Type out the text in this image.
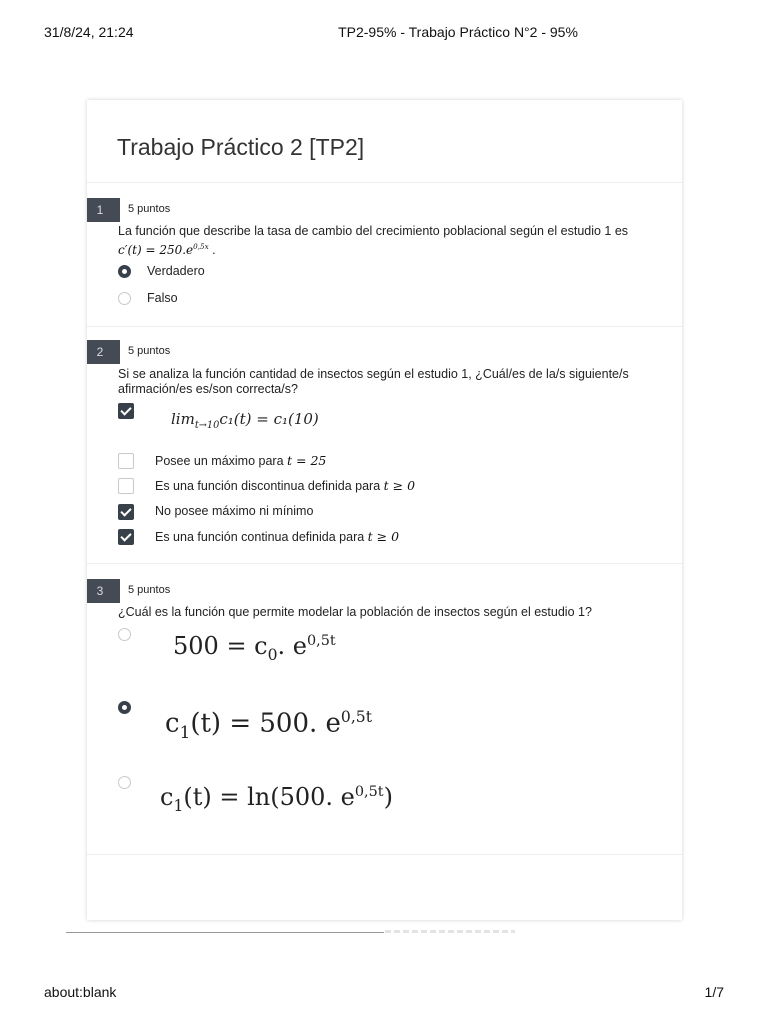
31/8/24, 21:24	TP2-95% - Trabajo Práctico N°2 - 95%
Trabajo Práctico 2 [TP2]
1	5 puntos
La función que describe la tasa de cambio del crecimiento poblacional según el estudio 1 es
$c'(t) = 250.e^{0,5x}$ .
Verdadero
Falso
2	5 puntos
Si se analiza la función cantidad de insectos según el estudio 1, ¿Cuál/es de la/s siguiente/s afirmación/es es/son correcta/s?
$\lim_{t\to 10}c_1(t) = c_1(10)$
Posee un máximo para t = 25
Es una función discontinua definida para t ≥ 0
No posee máximo ni mínimo
Es una función continua definida para t ≥ 0
3	5 puntos
¿Cuál es la función que permite modelar la población de insectos según el estudio 1?
$500 = c_0$. $e^{0,5t}$
$c_1(t) = 500$. $e^{0,5t}$
$c_1(t) = \ln(500$. $e^{0,5t}$)
about:blank	1/7
